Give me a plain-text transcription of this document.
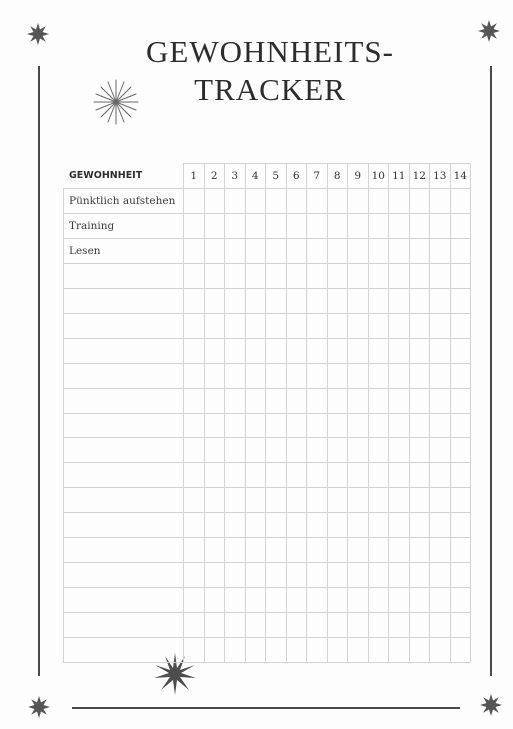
GEWOHNHEITS-
TRACKER
GEWOHNHEIT	1	2	3	4	5	6	7	8	9	10	11	12	13	14
Pünktlich aufstehen														
Training														
Lesen														
